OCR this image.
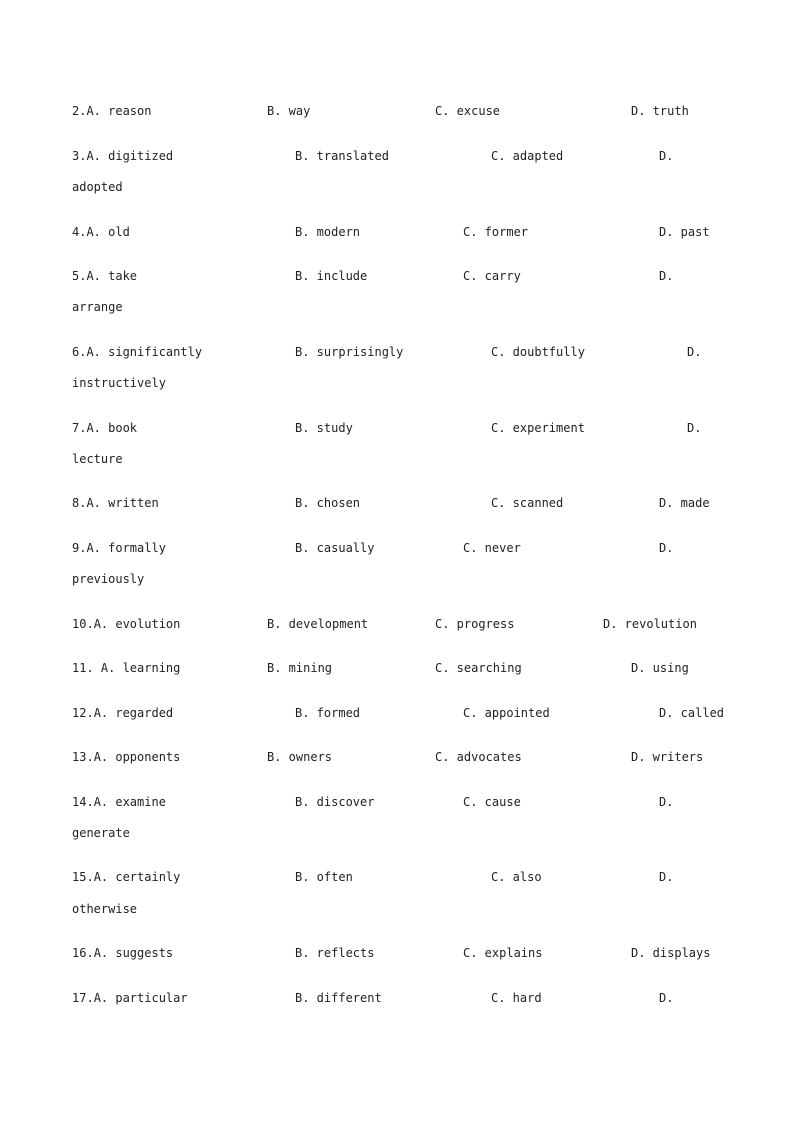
2.A. reason	B. way	C. excuse	D. truth
3.A. digitized	B. translated	C. adapted	D.
adopted
4.A. old	B. modern	C. former	D. past
5.A. take	B. include	C. carry	D.
arrange
6.A. significantly	B. surprisingly	C. doubtfully	D.
instructively
7.A. book	B. study	C. experiment	D.
lecture
8.A. written	B. chosen	C. scanned	D. made
9.A. formally	B. casually	C. never	D.
previously
10.A. evolution	B. development	C. progress	D. revolution
11. A. learning	B. mining	C. searching	D. using
12.A. regarded	B. formed	C. appointed	D. called
13.A. opponents	B. owners	C. advocates	D. writers
14.A. examine	B. discover	C. cause	D.
generate
15.A. certainly	B. often	C. also	D.
otherwise
16.A. suggests	B. reflects	C. explains	D. displays
17.A. particular	B. different	C. hard	D.
